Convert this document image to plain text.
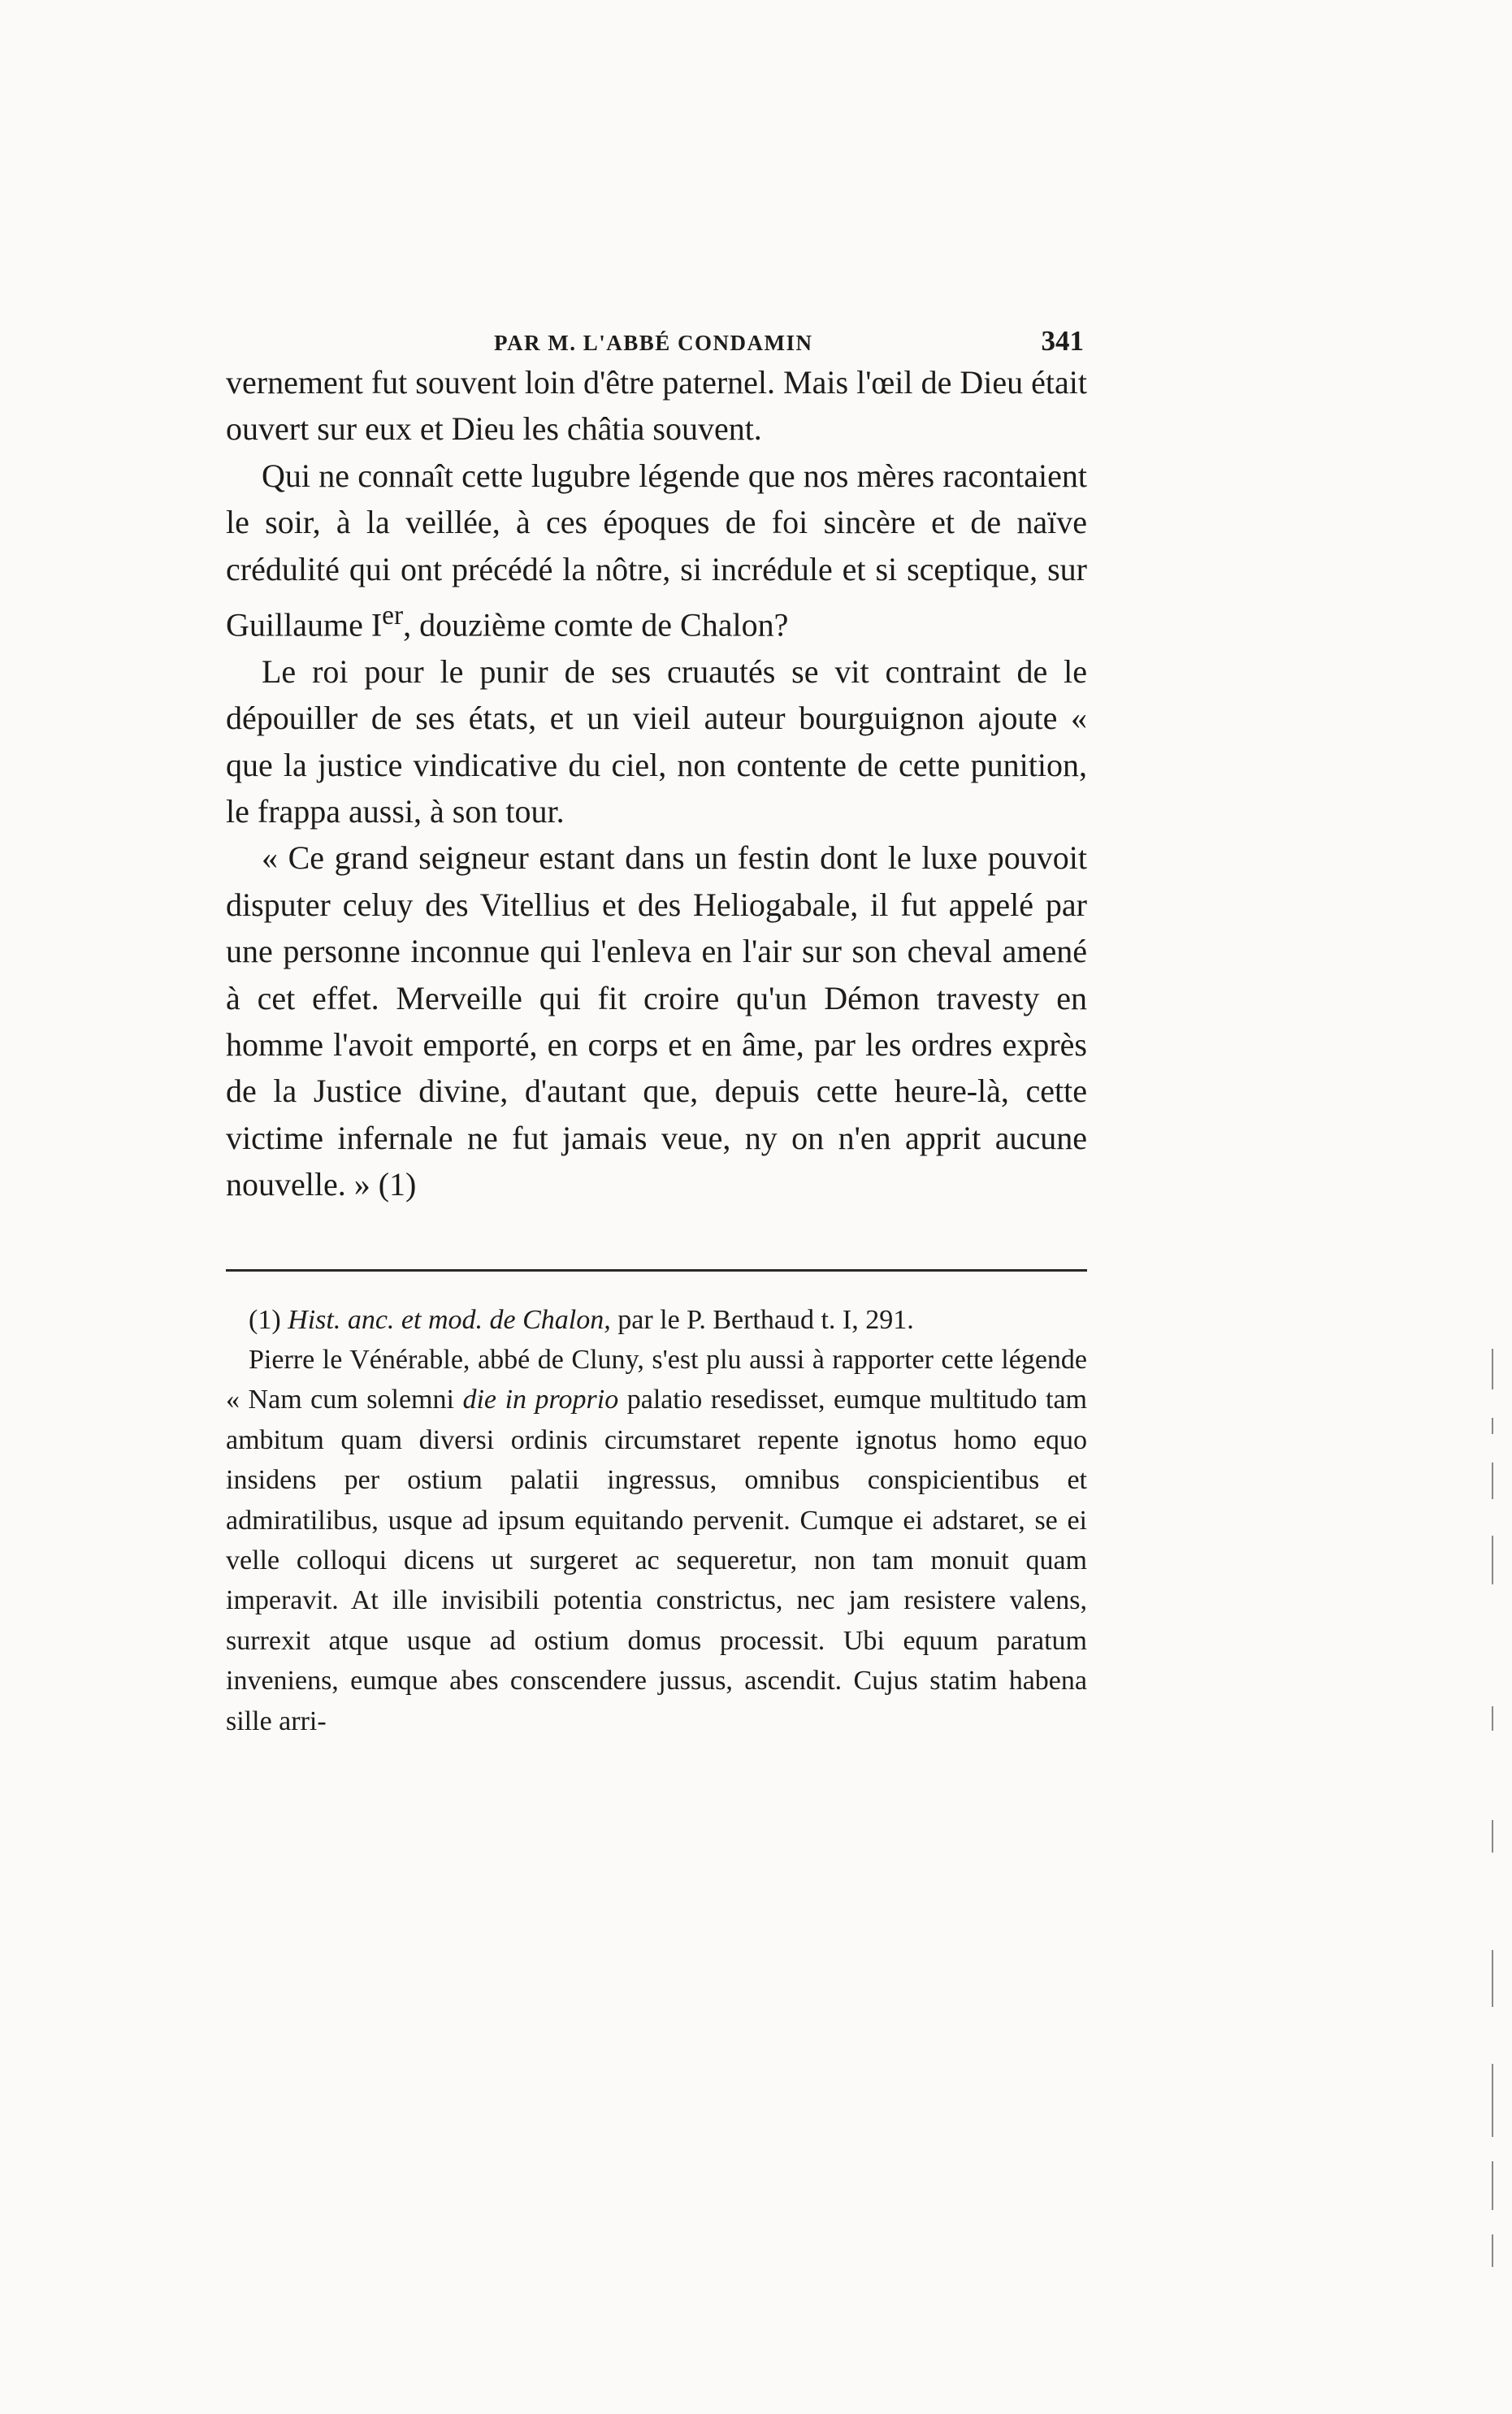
PAR M. L'ABBÉ CONDAMIN	341

vernement fut souvent loin d'être paternel. Mais l'œil de Dieu était ouvert sur eux et Dieu les châtia souvent.

Qui ne connaît cette lugubre légende que nos mères racontaient le soir, à la veillée, à ces époques de foi sincère et de naïve crédulité qui ont précédé la nôtre, si incrédule et si sceptique, sur Guillaume Ier, douzième comte de Chalon?

Le roi pour le punir de ses cruautés se vit contraint de le dépouiller de ses états, et un vieil auteur bourguignon ajoute « que la justice vindicative du ciel, non contente de cette punition, le frappa aussi, à son tour.

« Ce grand seigneur estant dans un festin dont le luxe pouvoit disputer celuy des Vitellius et des Heliogabale, il fut appelé par une personne inconnue qui l'enleva en l'air sur son cheval amené à cet effet. Merveille qui fit croire qu'un Démon travesty en homme l'avoit emporté, en corps et en âme, par les ordres exprès de la Justice divine, d'autant que, depuis cette heure-là, cette victime infernale ne fut jamais veue, ny on n'en apprit aucune nouvelle. » (1)

(1) Hist. anc. et mod. de Chalon, par le P. Berthaud t. I, 291.

Pierre le Vénérable, abbé de Cluny, s'est plu aussi à rapporter cette légende « Nam cum solemni die in proprio palatio resedisset, eumque multitudo tam ambitum quam diversi ordinis circumstaret repente ignotus homo equo insidens per ostium palatii ingressus, omnibus conspicientibus et admiratilibus, usque ad ipsum equitando pervenit. Cumque ei adstaret, se ei velle colloqui dicens ut surgeret ac sequeretur, non tam monuit quam imperavit. At ille invisibili potentia constrictus, nec jam resistere valens, surrexit atque usque ad ostium domus processit. Ubi equum paratum inveniens, eumque abes conscendere jussus, ascendit. Cujus statim habena sille arri-
